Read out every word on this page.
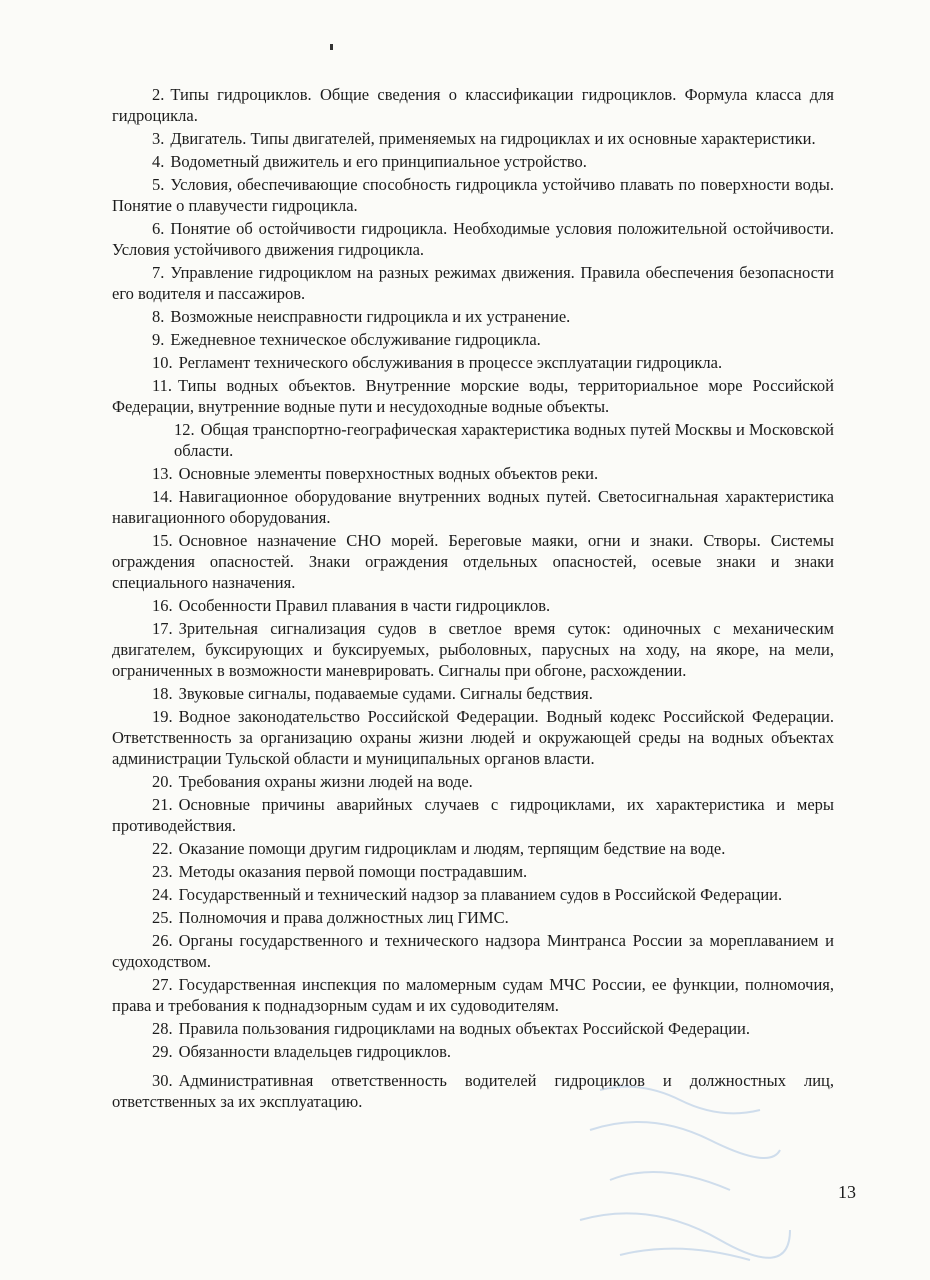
2. Типы гидроциклов. Общие сведения о классификации гидроциклов. Формула класса для гидроцикла.

3. Двигатель. Типы двигателей, применяемых на гидроциклах и их основные характеристики.

4. Водометный движитель и его принципиальное устройство.

5. Условия, обеспечивающие способность гидроцикла устойчиво плавать по поверхности воды. Понятие о плавучести гидроцикла.

6. Понятие об остойчивости гидроцикла. Необходимые условия положительной остойчивости. Условия устойчивого движения гидроцикла.

7. Управление гидроциклом на разных режимах движения. Правила обеспечения безопасности его водителя и пассажиров.

8. Возможные неисправности гидроцикла и их устранение.

9. Ежедневное техническое обслуживание гидроцикла.

10. Регламент технического обслуживания в процессе эксплуатации гидроцикла.

11. Типы водных объектов. Внутренние морские воды, территориальное море Российской Федерации, внутренние водные пути и несудоходные водные объекты.

12. Общая транспортно-географическая характеристика водных путей Москвы и Московской области.

13. Основные элементы поверхностных водных объектов реки.

14. Навигационное оборудование внутренних водных путей. Светосигнальная характеристика навигационного оборудования.

15. Основное назначение СНО морей. Береговые маяки, огни и знаки. Створы. Системы ограждения опасностей. Знаки ограждения отдельных опасностей, осевые знаки и знаки специального назначения.

16. Особенности Правил плавания в части гидроциклов.

17. Зрительная сигнализация судов в светлое время суток: одиночных с механическим двигателем, буксирующих и буксируемых, рыболовных, парусных на ходу, на якоре, на мели, ограниченных в возможности маневрировать. Сигналы при обгоне, расхождении.

18. Звуковые сигналы, подаваемые судами. Сигналы бедствия.

19. Водное законодательство Российской Федерации. Водный кодекс Российской Федерации. Ответственность за организацию охраны жизни людей и окружающей среды на водных объектах администрации Тульской области и муниципальных органов власти.

20. Требования охраны жизни людей на воде.

21. Основные причины аварийных случаев с гидроциклами, их характеристика и меры противодействия.

22. Оказание помощи другим гидроциклам и людям, терпящим бедствие на воде.

23. Методы оказания первой помощи пострадавшим.

24. Государственный и технический надзор за плаванием судов в Российской Федерации.

25. Полномочия и права должностных лиц ГИМС.

26. Органы государственного и технического надзора Минтранса России за мореплаванием и судоходством.

27. Государственная инспекция по маломерным судам МЧС России, ее функции, полномочия, права и требования к поднадзорным судам и их судоводителям.

28. Правила пользования гидроциклами на водных объектах Российской Федерации.

29. Обязанности владельцев гидроциклов.

30. Административная ответственность водителей гидроциклов и должностных лиц, ответственных за их эксплуатацию.

13
